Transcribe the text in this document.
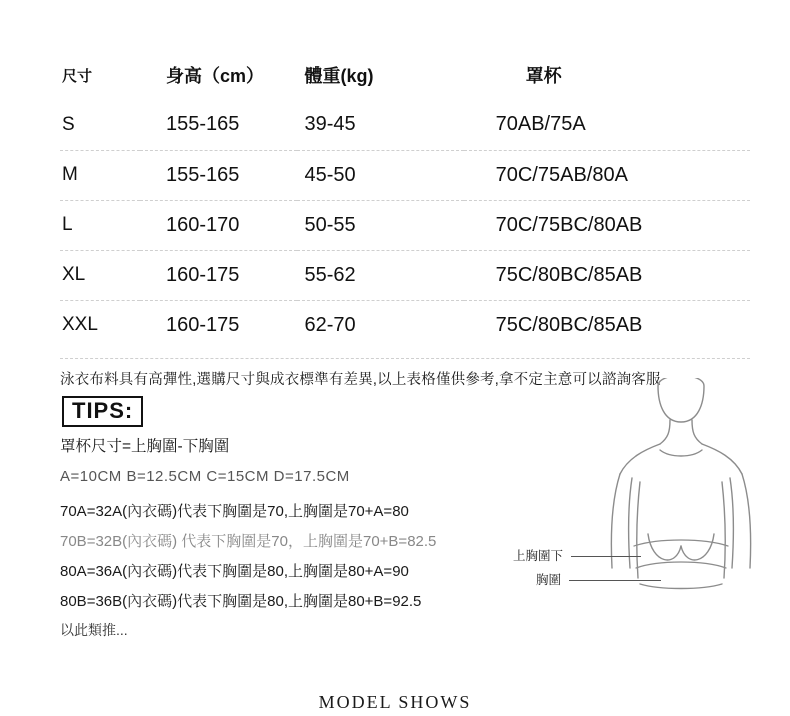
尺寸	身高（cm）	體重(kg)	罩杯
S	155-165	39-45	70AB/75A
M	155-165	45-50	70C/75AB/80A
L	160-170	50-55	70C/75BC/80AB
XL	160-175	55-62	75C/80BC/85AB
XXL	160-175	62-70	75C/80BC/85AB
泳衣布料具有高彈性,選購尺寸與成衣標準有差異,以上表格僅供參考,拿不定主意可以諮詢客服
TIPS:
罩杯尺寸=上胸圍-下胸圍
A=10CM B=12.5CM C=15CM D=17.5CM
70A=32A(內衣碼)代表下胸圍是70,上胸圍是70+A=80
70B=32B(內衣碼) 代表下胸圍是70，上胸圍是70+B=82.5
80A=36A(內衣碼)代表下胸圍是80,上胸圍是80+A=90
80B=36B(內衣碼)代表下胸圍是80,上胸圍是80+B=92.5
以此類推...
上胸圍下
胸圍
MODEL SHOWS
